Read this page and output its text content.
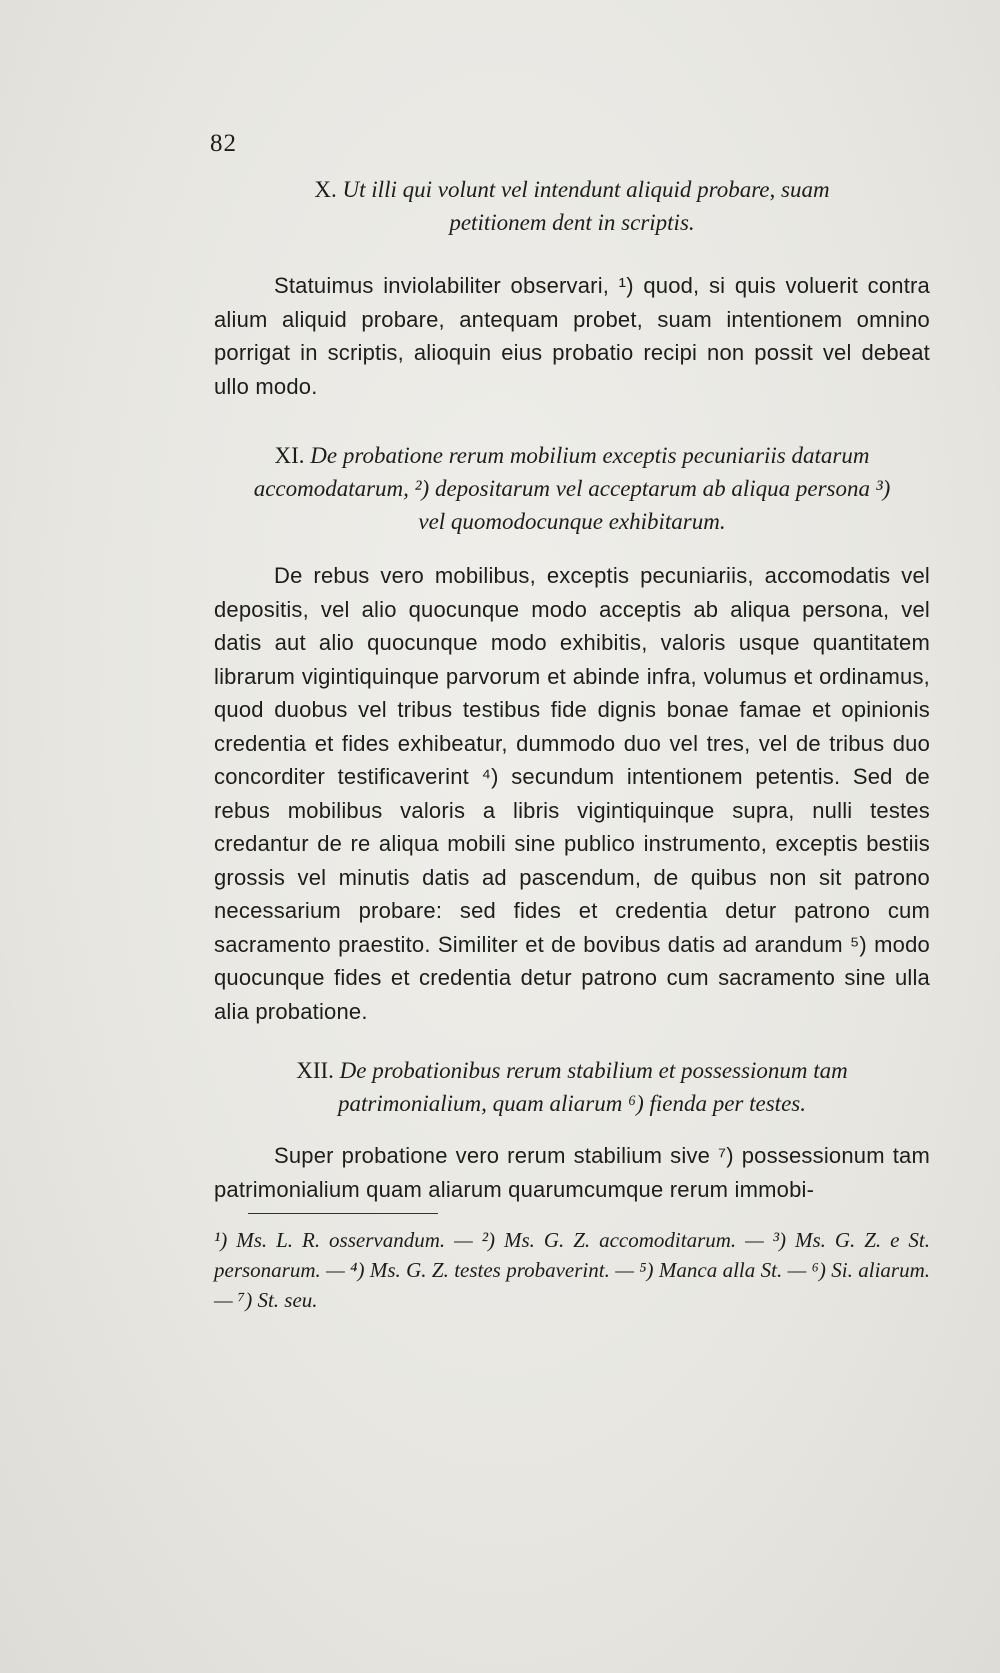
82
X. Ut illi qui volunt vel intendunt aliquid probare, suam
petitionem dent in scriptis.
Statuimus inviolabiliter observari, ¹) quod, si quis voluerit contra alium aliquid probare, antequam probet, suam intentionem omnino porrigat in scriptis, alioquin eius probatio recipi non possit vel debeat ullo modo.
XI. De probatione rerum mobilium exceptis pecuniariis datarum
accomodatarum, ²) depositarum vel acceptarum ab aliqua persona ³)
vel quomodocunque exhibitarum.
De rebus vero mobilibus, exceptis pecuniariis, accomodatis vel depositis, vel alio quocunque modo acceptis ab aliqua persona, vel datis aut alio quocunque modo exhibitis, valoris usque quantitatem librarum vigintiquinque parvorum et abinde infra, volumus et ordinamus, quod duobus vel tribus testibus fide dignis bonae famae et opinionis credentia et fides exhibeatur, dummodo duo vel tres, vel de tribus duo concorditer testificaverint ⁴) secundum intentionem petentis. Sed de rebus mobilibus valoris a libris vigintiquinque supra, nulli testes credantur de re aliqua mobili sine publico instrumento, exceptis bestiis grossis vel minutis datis ad pascendum, de quibus non sit patrono necessarium probare: sed fides et credentia detur patrono cum sacramento praestito. Similiter et de bovibus datis ad arandum ⁵) modo quocunque fides et credentia detur patrono cum sacramento sine ulla alia probatione.
XII. De probationibus rerum stabilium et possessionum tam
patrimonialium, quam aliarum ⁶) fienda per testes.
Super probatione vero rerum stabilium sive ⁷) possessionum tam patrimonialium quam aliarum quarumcumque rerum immobi-
¹) Ms. L. R. osservandum. — ²) Ms. G. Z. accomoditarum. — ³) Ms. G. Z. e St. personarum. — ⁴) Ms. G. Z. testes probaverint. — ⁵) Manca alla St. — ⁶) Si. aliarum. — ⁷) St. seu.
